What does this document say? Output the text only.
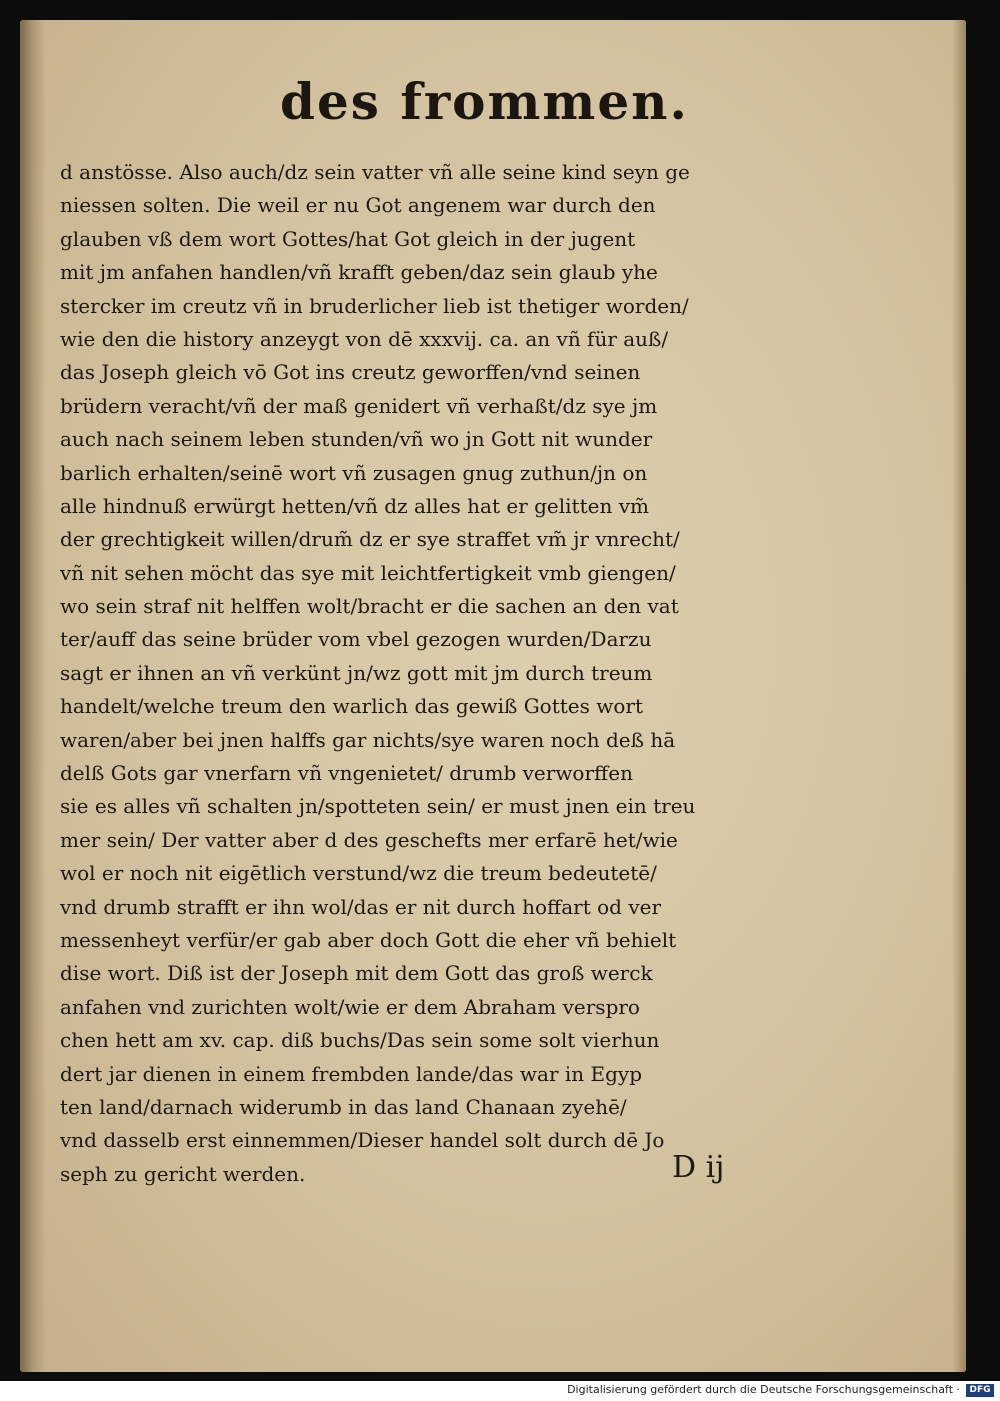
des frommen.
d anstösse. Also auch/dz sein vatter vñ alle seine kind seyn ge
niessen solten. Die weil er nu Got angenem war durch den
glauben vß dem wort Gottes/hat Got gleich in der jugent
mit jm anfahen handlen/vñ krafft geben/daz sein glaub yhe
stercker im creutz vñ in bruderlicher lieb ist thetiger worden/
wie den die history anzeygt von dē xxxvij. ca. an vñ für auß/
das Joseph gleich vō Got ins creutz geworffen/vnd seinen
brüdern veracht/vñ der maß genidert vñ verhaßt/dz sye jm
auch nach seinem leben stunden/vñ wo jn Gott nit wunder
barlich erhalten/seinē wort vñ zusagen gnug zuthun/jn on
alle hindnuß erwürgt hetten/vñ dz alles hat er gelitten vm̃
der grechtigkeit willen/drum̃ dz er sye straffet vm̃ jr vnrecht/
vñ nit sehen möcht das sye mit leichtfertigkeit vmb giengen/
wo sein straf nit helffen wolt/bracht er die sachen an den vat
ter/auff das seine brüder vom vbel gezogen wurden/Darzu
sagt er ihnen an vñ verkünt jn/wz gott mit jm durch treum
handelt/welche treum den warlich das gewiß Gottes wort
waren/aber bei jnen halffs gar nichts/sye waren noch deß hā
delß Gots gar vnerfarn vñ vngenietet/ drumb verworffen
sie es alles vñ schalten jn/spotteten sein/ er must jnen ein treu
mer sein/ Der vatter aber d des geschefts mer erfarē het/wie
wol er noch nit eigētlich verstund/wz die treum bedeutetē/
vnd drumb strafft er ihn wol/das er nit durch hoffart od ver
messenheyt verfür/er gab aber doch Gott die eher vñ behielt
dise wort. Diß ist der Joseph mit dem Gott das groß werck
anfahen vnd zurichten wolt/wie er dem Abraham verspro
chen hett am xv. cap. diß buchs/Das sein some solt vierhun
dert jar dienen in einem frembden lande/das war in Egyp
ten land/darnach widerumb in das land Chanaan zyehē/
vnd dasselb erst einnemmen/Dieser handel solt durch dē Jo
seph zu gericht werden.	D ij
Digitalisierung gefördert durch die Deutsche Forschungsgemeinschaft ·	DFG
